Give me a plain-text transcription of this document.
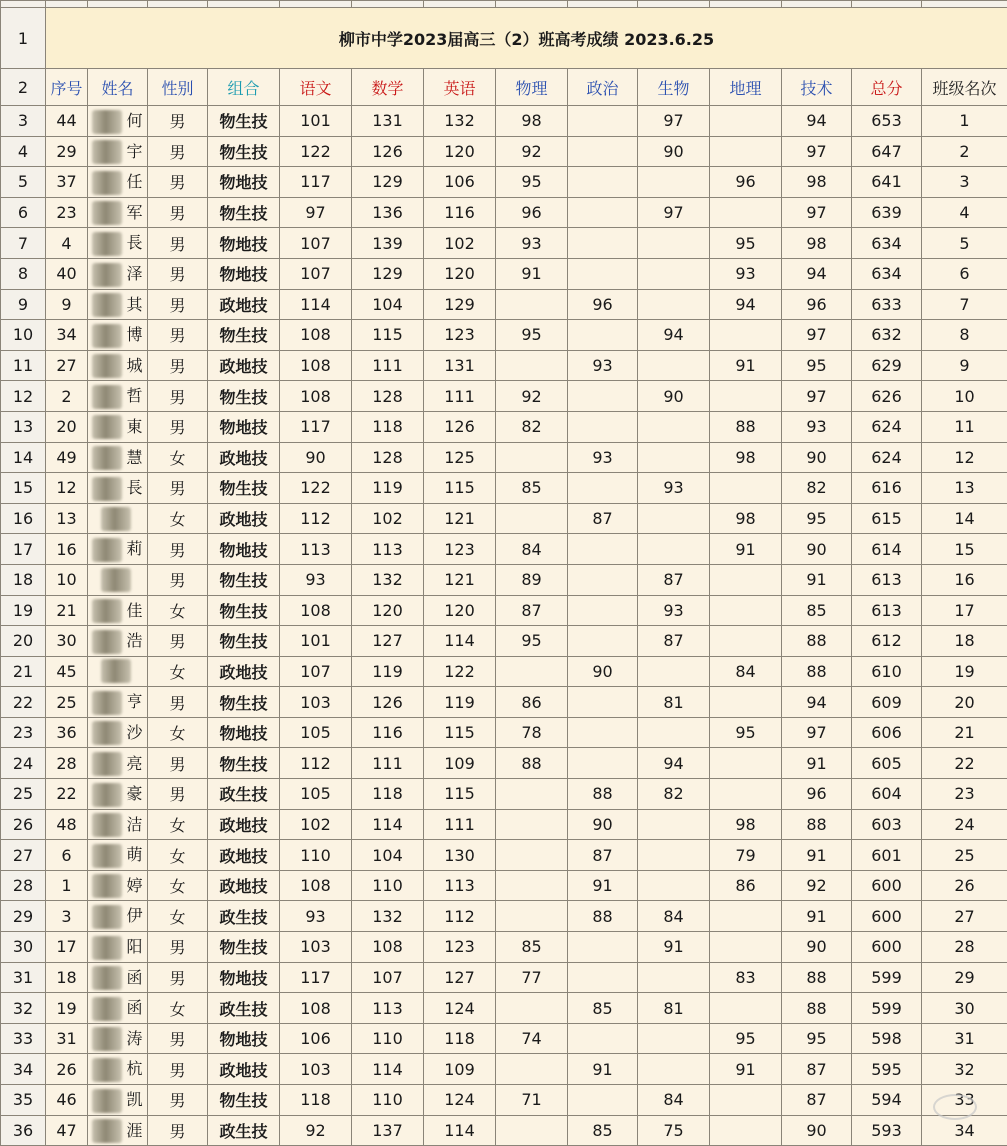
1	柳市中学2023届高三（2）班高考成绩 2023.6.25													
2	序号	姓名	性别	组合	语文	数学	英语	物理	政治	生物	地理	技术	总分	班级名次
3	44	何	男	物生技	101	131	132	98		97		94	653	1
4	29	宇	男	物生技	122	126	120	92		90		97	647	2
5	37	任	男	物地技	117	129	106	95			96	98	641	3
6	23	军	男	物生技	97	136	116	96		97		97	639	4
7	4	長	男	物地技	107	139	102	93			95	98	634	5
8	40	泽	男	物地技	107	129	120	91			93	94	634	6
9	9	其	男	政地技	114	104	129		96		94	96	633	7
10	34	博	男	物生技	108	115	123	95		94		97	632	8
11	27	城	男	政地技	108	111	131		93		91	95	629	9
12	2	哲	男	物生技	108	128	111	92		90		97	626	10
13	20	東	男	物地技	117	118	126	82			88	93	624	11
14	49	慧	女	政地技	90	128	125		93		98	90	624	12
15	12	長	男	物生技	122	119	115	85		93		82	616	13
16	13		女	政地技	112	102	121		87		98	95	615	14
17	16	莉	男	物地技	113	113	123	84			91	90	614	15
18	10		男	物生技	93	132	121	89		87		91	613	16
19	21	佳	女	物生技	108	120	120	87		93		85	613	17
20	30	浩	男	物生技	101	127	114	95		87		88	612	18
21	45		女	政地技	107	119	122		90		84	88	610	19
22	25	亨	男	物生技	103	126	119	86		81		94	609	20
23	36	沙	女	物地技	105	116	115	78			95	97	606	21
24	28	亮	男	物生技	112	111	109	88		94		91	605	22
25	22	豪	男	政生技	105	118	115		88	82		96	604	23
26	48	洁	女	政地技	102	114	111		90		98	88	603	24
27	6	萌	女	政地技	110	104	130		87		79	91	601	25
28	1	婷	女	政地技	108	110	113		91		86	92	600	26
29	3	伊	女	政生技	93	132	112		88	84		91	600	27
30	17	阳	男	物生技	103	108	123	85		91		90	600	28
31	18	函	男	物地技	117	107	127	77			83	88	599	29
32	19	函	女	政生技	108	113	124		85	81		88	599	30
33	31	涛	男	物地技	106	110	118	74			95	95	598	31
34	26	杭	男	政地技	103	114	109		91		91	87	595	32
35	46	凯	男	物生技	118	110	124	71		84		87	594	33
36	47	涯	男	政生技	92	137	114		85	75		90	593	34
